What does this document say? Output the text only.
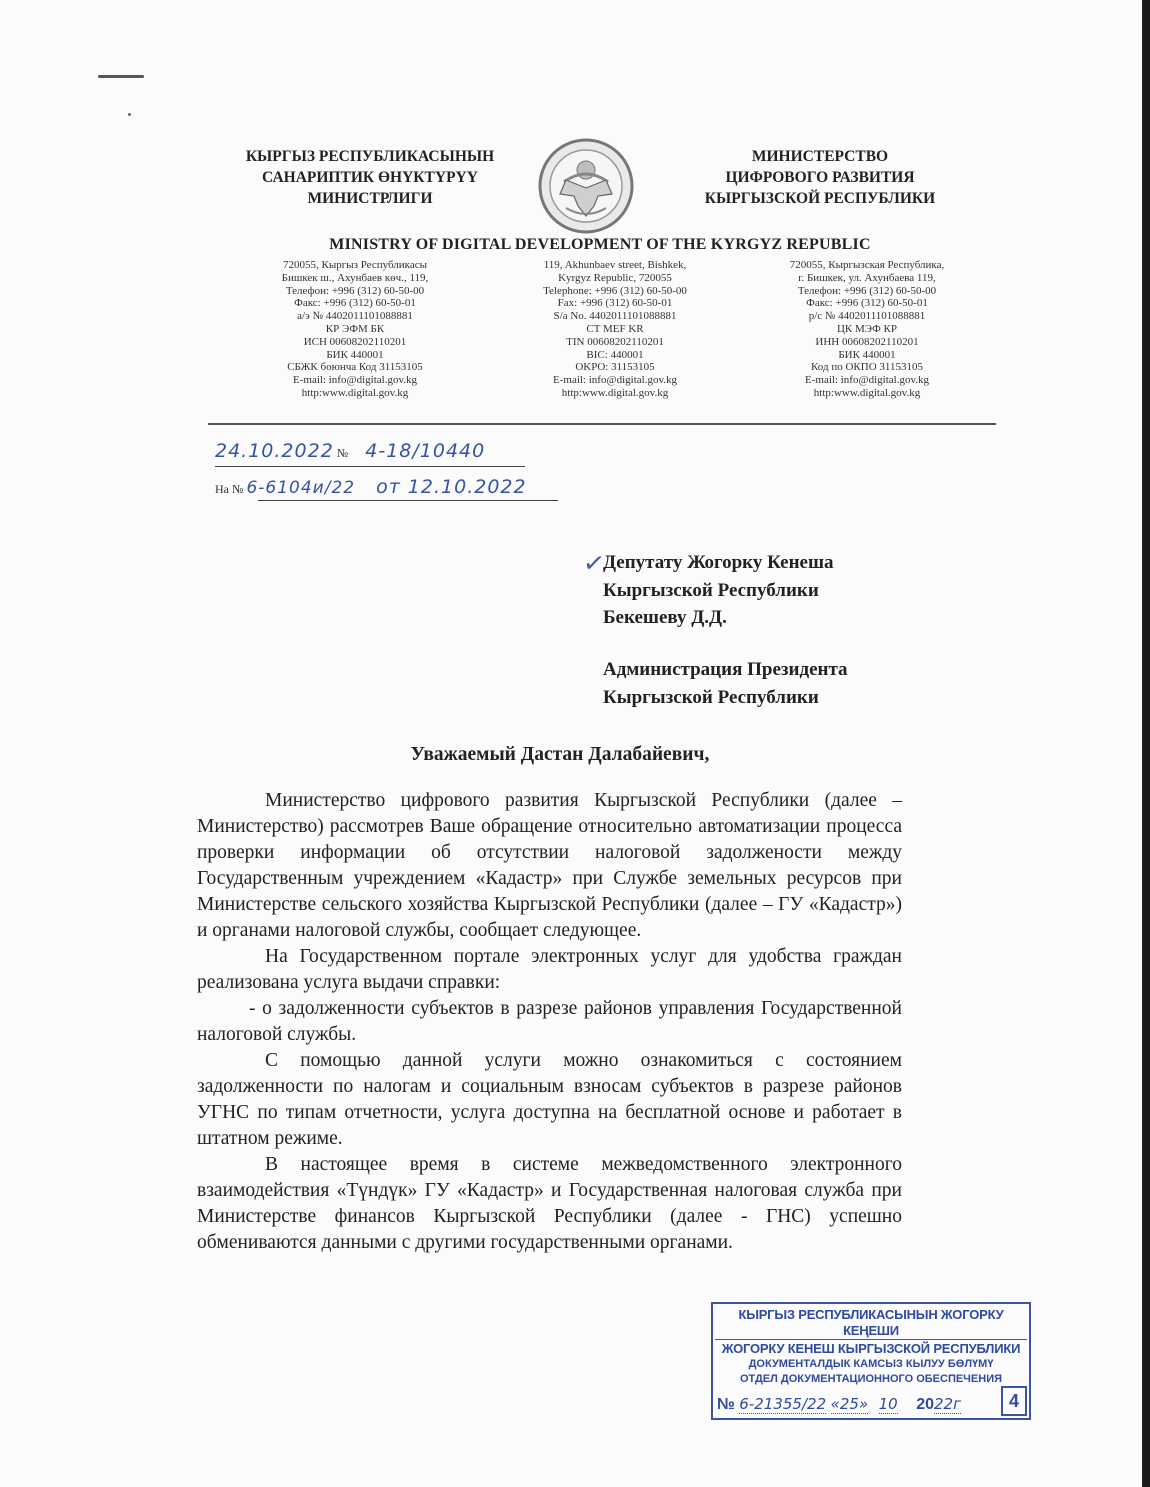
КЫРГЫЗ РЕСПУБЛИКАСЫНЫН
САНАРИПТИК ӨНҮКТҮРҮҮ
МИНИСТРЛИГИ
МИНИСТЕРСТВО
ЦИФРОВОГО РАЗВИТИЯ
КЫРГЫЗСКОЙ РЕСПУБЛИКИ
MINISTRY OF DIGITAL DEVELOPMENT OF THE KYRGYZ REPUBLIC
720055, Кыргыз Республикасы
Бишкек ш., Ахунбаев көч., 119,
Телефон: +996 (312) 60-50-00
Факс: +996 (312) 60-50-01
а/э № 4402011101088881
КР ЭФМ БК
ИСН 00608202110201
БИК 440001
СБЖК боюнча Код 31153105
E-mail: info@digital.gov.kg
http:www.digital.gov.kg
119, Akhunbaev street, Bishkek,
Kyrgyz Republic, 720055
Telephone: +996 (312) 60-50-00
Fax: +996 (312) 60-50-01
S/a No. 4402011101088881
CT MEF KR
TIN 00608202110201
BIC: 440001
OKPO: 31153105
E-mail: info@digital.gov.kg
http:www.digital.gov.kg
720055, Кыргызская Республика,
г. Бишкек, ул. Ахунбаева 119,
Телефон: +996 (312) 60-50-00
Факс: +996 (312) 60-50-01
р/с № 4402011101088881
ЦК МЭФ КР
ИНН 00608202110201
БИК 440001
Код по ОКПО 31153105
E-mail: info@digital.gov.kg
http:www.digital.gov.kg
24.10.2022 № 4-18/10440
На № 6-6104и/22 от 12.10.2022
✓
Депутату Жогорку Кенеша
Кыргызской Республики
Бекешеву Д.Д.
Администрация Президента
Кыргызской Республики
Уважаемый Дастан Далабайевич,

Министерство цифрового развития Кыргызской Республики (далее – Министерство) рассмотрев Ваше обращение относительно автоматизации процесса проверки информации об отсутствии налоговой задолжености между Государственным учреждением «Кадастр» при Службе земельных ресурсов при Министерстве сельского хозяйства Кыргызской Республики (далее – ГУ «Кадастр») и органами налоговой службы, сообщает следующее.

На Государственном портале электронных услуг для удобства граждан реализована услуга выдачи справки:

- о задолженности субъектов в разрезе районов управления Государственной налоговой службы.

С помощью данной услуги можно ознакомиться с состоянием задолженности по налогам и социальным взносам субъектов в разрезе районов УГНС по типам отчетности, услуга доступна на бесплатной основе и работает в штатном режиме.

В настоящее время в системе межведомственного электронного взаимодействия «Түндүк» ГУ «Кадастр» и Государственная налоговая служба при Министерстве финансов Кыргызской Республики (далее - ГНС) успешно обмениваются данными с другими государственными органами.

КЫРГЫЗ РЕСПУБЛИКАСЫНЫН ЖОГОРКУ КЕҢЕШИ
ЖОГОРКУ КЕНЕШ КЫРГЫЗСКОЙ РЕСПУБЛИКИ
ДОКУМЕНТАЛДЫК КАМСЫЗ КЫЛУУ БӨЛҮМҮ
ОТДЕЛ ДОКУМЕНТАЦИОННОГО ОБЕСПЕЧЕНИЯ
№ 6-21355/22 «25» 10 2022г	4
